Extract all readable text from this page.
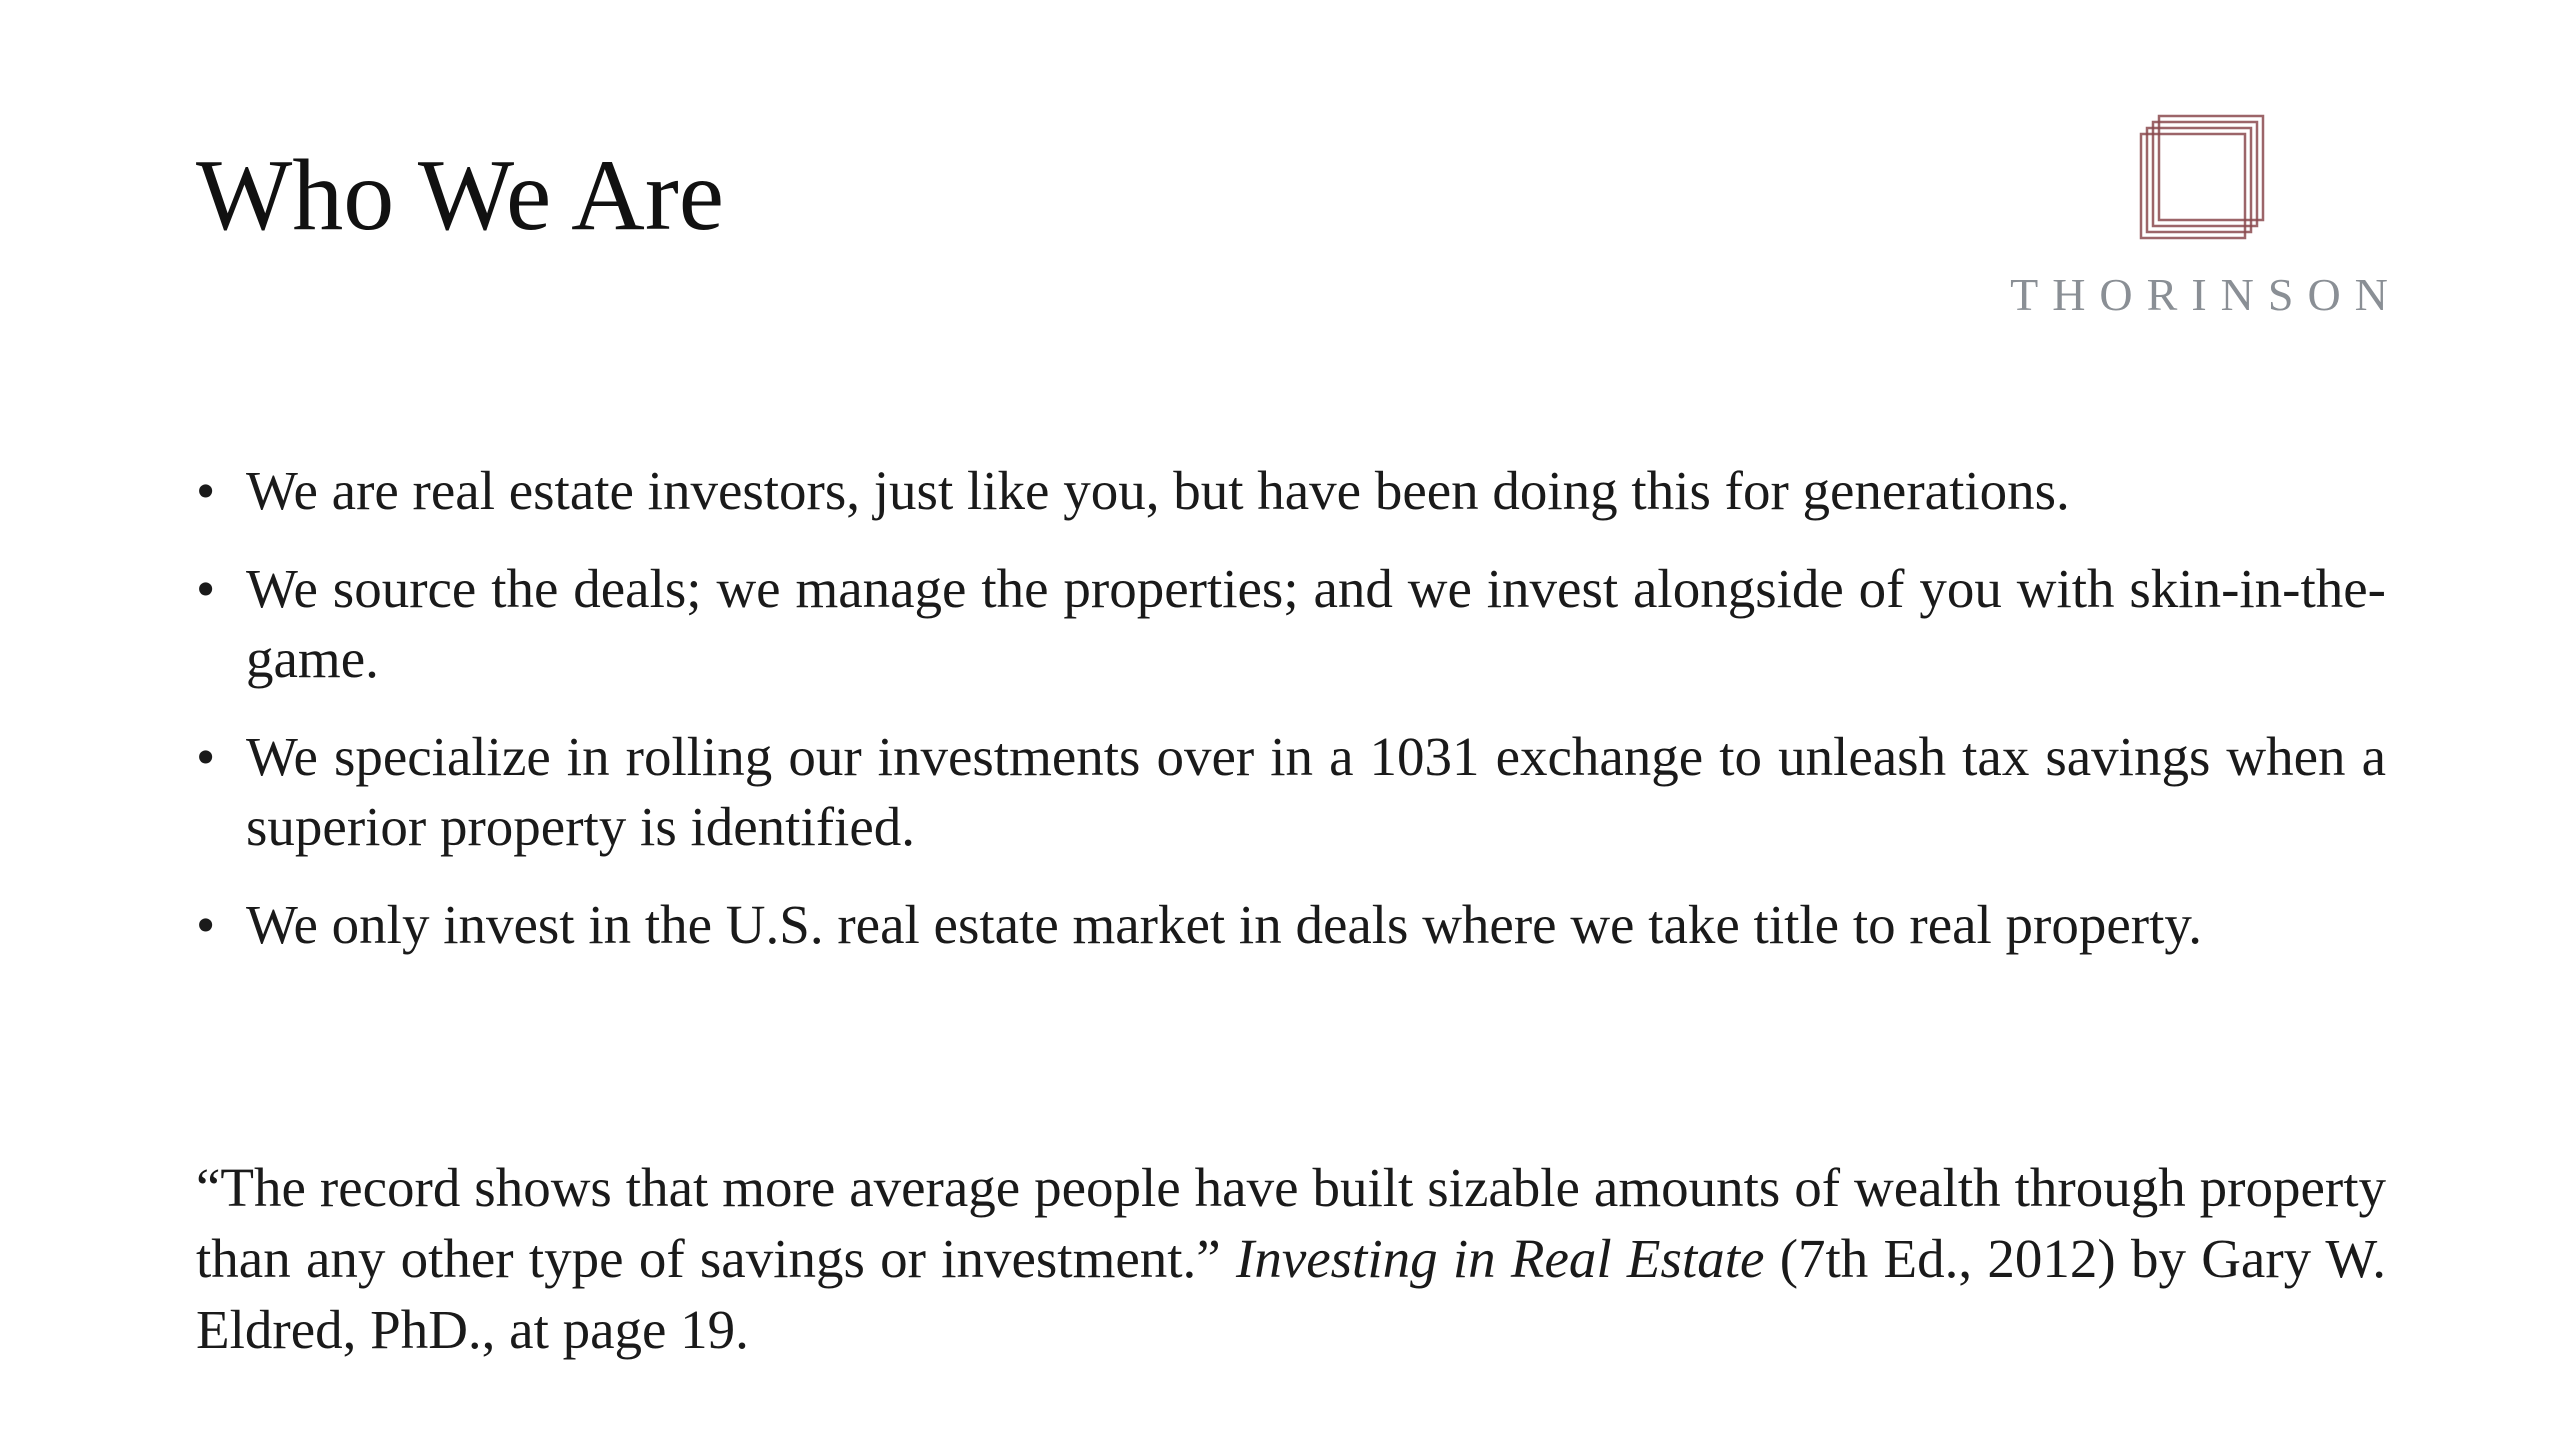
Who We Are
THORINSON
• We are real estate investors, just like you, but have been doing this for generations.
• We source the deals; we manage the properties; and we invest alongside of you with skin-in-the-game.
• We specialize in rolling our investments over in a 1031 exchange to unleash tax savings when a superior property is identified.
• We only invest in the U.S. real estate market in deals where we take title to real property.

“The record shows that more average people have built sizable amounts of wealth through property than any other type of savings or investment.” Investing in Real Estate (7th Ed., 2012) by Gary W. Eldred, PhD., at page 19.
